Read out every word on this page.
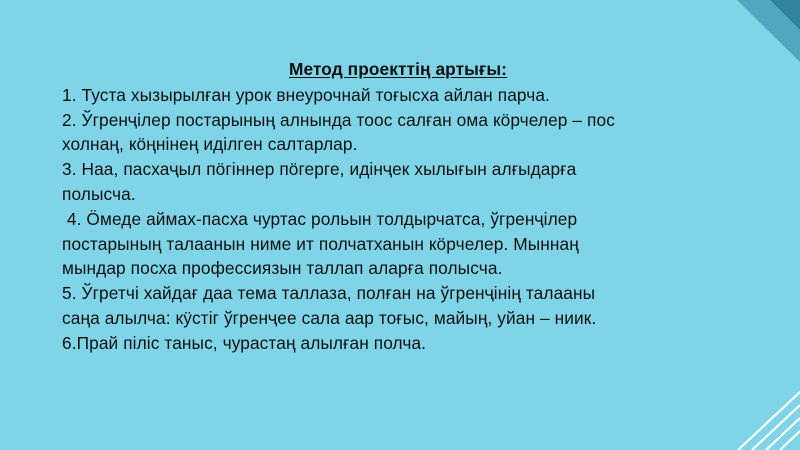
Метод проекттің артығы:

1. Туста хызырылған урок внеурочнай тоғысха айлан парча.

2. Ўгренҷілер постарының алнында тоос салған ома кӧрчелер – пос

холнаң, кӧңнінең иділген салтарлар.

3. Наа, пасхаҷыл пӧгіннер пӧгерге, идінҷек хылығын алғыдарға

полысча.

4. Ӧмеде аймах-пасха чуртас рольын толдырчатса, ўгренҷілер

постарының талаанын ниме ит полчатханын кӧрчелер. Мыннаң

мындар посха профессиязын таллап аларға полысча.

5. Ўгретчі хайдағ даа тема таллаза, полған на ўгренҷінің талааны

саңа алылча: кӱстіг ўгренҷее сала аар тоғыс, майың, уйан – ниик.

6.Прай піліс таныс, чурастаң алылған полча.
